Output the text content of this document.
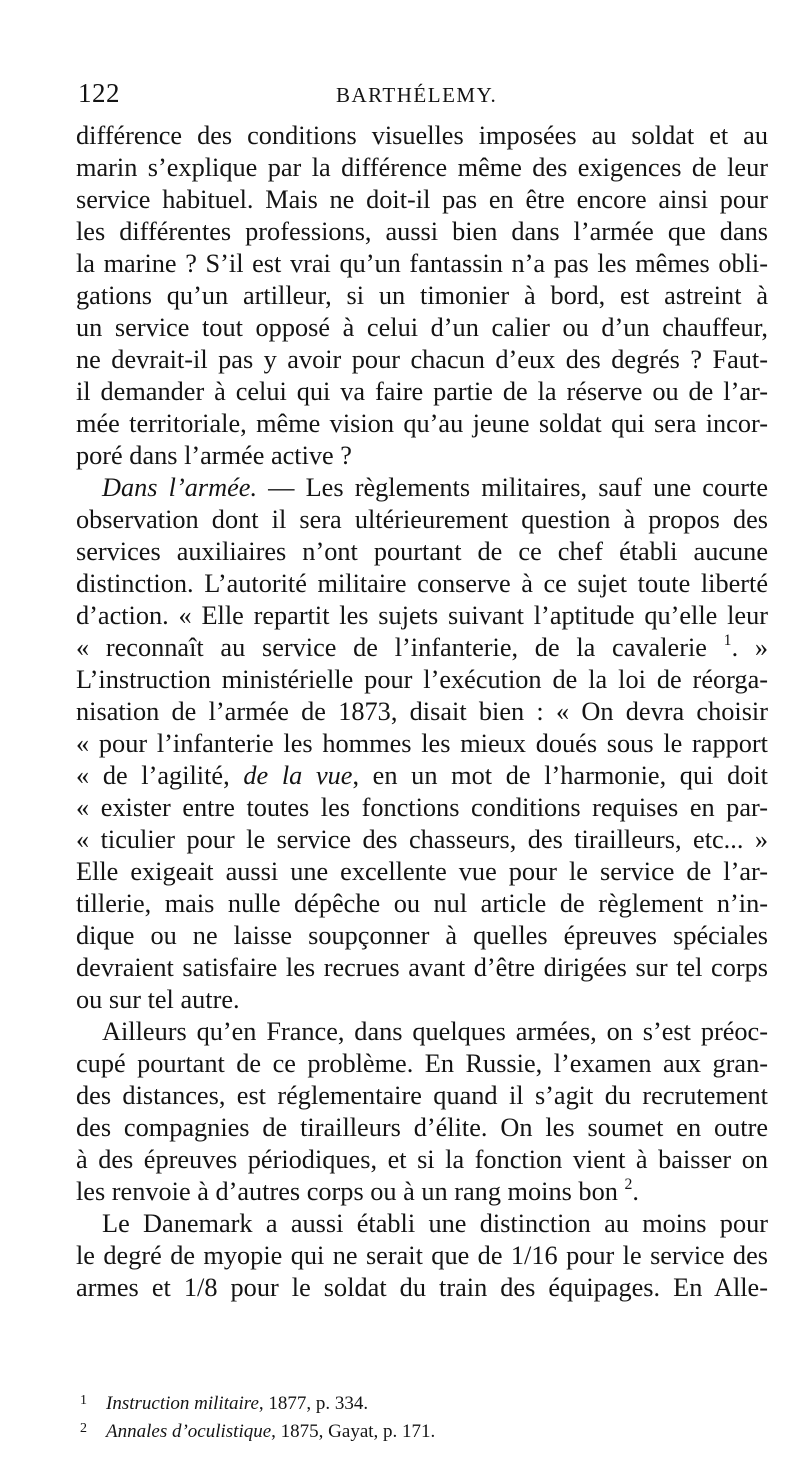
122	BARTHÉLEMY.

différence des conditions visuelles imposées au soldat et au
marin s’explique par la différence même des exigences de leur
service habituel. Mais ne doit-il pas en être encore ainsi pour
les différentes professions, aussi bien dans l’armée que dans
la marine ? S’il est vrai qu’un fantassin n’a pas les mêmes obli-
gations qu’un artilleur, si un timonier à bord, est astreint à
un service tout opposé à celui d’un calier ou d’un chauffeur,
ne devrait-il pas y avoir pour chacun d’eux des degrés ? Faut-
il demander à celui qui va faire partie de la réserve ou de l’ar-
mée territoriale, même vision qu’au jeune soldat qui sera incor-
poré dans l’armée active ?

Dans l’armée. — Les règlements militaires, sauf une courte
observation dont il sera ultérieurement question à propos des
services auxiliaires n’ont pourtant de ce chef établi aucune
distinction. L’autorité militaire conserve à ce sujet toute liberté
d’action. « Elle repartit les sujets suivant l’aptitude qu’elle leur
« reconnaît au service de l’infanterie, de la cavalerie $^1$. »
L’instruction ministérielle pour l’exécution de la loi de réorga-
nisation de l’armée de 1873, disait bien : « On devra choisir
« pour l’infanterie les hommes les mieux doués sous le rapport
« de l’agilité, de la vue, en un mot de l’harmonie, qui doit
« exister entre toutes les fonctions conditions requises en par-
« ticulier pour le service des chasseurs, des tirailleurs, etc... »
Elle exigeait aussi une excellente vue pour le service de l’ar-
tillerie, mais nulle dépêche ou nul article de règlement n’in-
dique ou ne laisse soupçonner à quelles épreuves spéciales
devraient satisfaire les recrues avant d’être dirigées sur tel corps
ou sur tel autre.

Ailleurs qu’en France, dans quelques armées, on s’est préoc-
cupé pourtant de ce problème. En Russie, l’examen aux gran-
des distances, est réglementaire quand il s’agit du recrutement
des compagnies de tirailleurs d’élite. On les soumet en outre
à des épreuves périodiques, et si la fonction vient à baisser on
les renvoie à d’autres corps ou à un rang moins bon $^2$.

Le Danemark a aussi établi une distinction au moins pour
le degré de myopie qui ne serait que de 1/16 pour le service des
armes et 1/8 pour le soldat du train des équipages. En Alle-

1 Instruction militaire, 1877, p. 334.
2 Annales d’oculistique, 1875, Gayat, p. 171.
